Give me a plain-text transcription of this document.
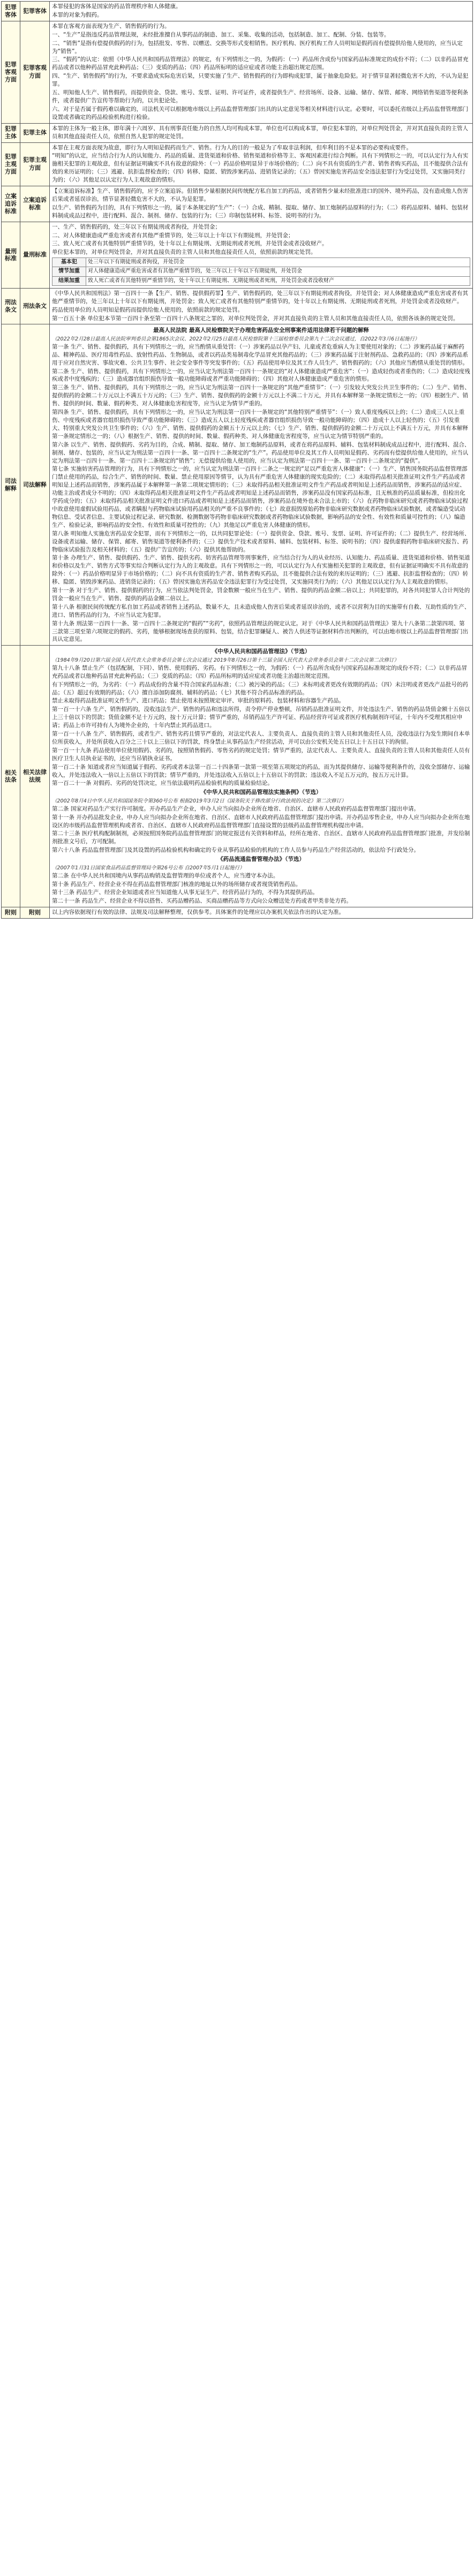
犯罪客体	犯罪客体	

本罪侵犯的客体是国家的药品管理秩序和人体健康。

本罪的对象为假药。

犯罪客观方面	犯罪客观方面	

本罪在客观方面表现为生产、销售假药的行为。

一、“生产”是指违反药品管理法规，未经批准擅自从事药品的制造、加工、采集、收集的活动，包括制造、加工、配制、分装、包装等。

二、“销售”是指有偿提供假药的行为，包括批发、零售、以赠送、交换等形式变相销售。医疗机构、医疗机构工作人员明知是假药而有偿提供给他人使用的，应当认定为“销售”。

三、“假药”的认定：依照《中华人民共和国药品管理法》的规定，有下列情形之一的，为假药：（一）药品所含成份与国家药品标准规定的成份不符；（二）以非药品冒充药品或者以他种药品冒充此种药品；（三）变质的药品；（四）药品所标明的适应症或者功能主治超出规定范围。

四、“生产、销售假药”的行为，不要求造成实际危害后果，只要实施了生产、销售假药的行为即构成犯罪，属于抽象危险犯。对于情节显著轻微危害不大的，不认为是犯罪。

五、明知他人生产、销售假药，而提供资金、贷款、账号、发票、证明、许可证件，或者提供生产、经营场所、设备、运输、储存、保管、邮寄、网络销售渠道等便利条件，或者提供广告宣传等帮助行为的，以共犯论处。

六、对于是否属于假药难以确定的，司法机关可以根据地市级以上药品监督管理部门出具的认定意见等相关材料进行认定。必要时，可以委托省级以上药品监督管理部门设置或者确定的药品检验机构进行检验。

犯罪主体	犯罪主体	

本罪的主体为一般主体，即年满十六周岁、具有刑事责任能力的自然人均可构成本罪。单位也可以构成本罪，单位犯本罪的，对单位判处罚金，并对其直接负责的主管人员和其他直接责任人员，依照自然人犯罪的规定处罚。

犯罪主观方面	犯罪主观方面	

本罪在主观方面表现为故意，即行为人明知是假药而生产、销售。行为人的目的一般是为了牟取非法利润，但牟利目的不是本罪的必要构成要件。

“明知”的认定，应当结合行为人的认知能力、药品的质量、进货渠道和价格、销售渠道和价格等主、客观因素进行综合判断。具有下列情形之一的，可以认定行为人有实施相关犯罪的主观故意，但有证据证明确实不具有故意的除外：（一）药品价格明显异于市场价格的；（二）向不具有资质的生产者、销售者购买药品，且不能提供合法有效的来历证明的；（三）逃避、抗拒监督检查的；（四）转移、隐匿、销毁涉案药品、进销货记录的；（五）曾因实施危害药品安全违法犯罪行为受过处罚，又实施同类行为的；（六）其他足以认定行为人主观故意的情形。

立案追诉标准	立案追诉标准	

【立案追诉标准】生产、销售假药的，应予立案追诉。但销售少量根据民间传统配方私自加工的药品，或者销售少量未经批准进口的国外、境外药品，没有造成他人伤害后果或者延误诊治，情节显著轻微危害不大的，不认为是犯罪。

以生产、销售假药为目的，具有下列情形之一的，属于本条规定的“生产”：（一）合成、精制、提取、储存、加工炮制药品原料的行为；（二）将药品原料、辅料、包装材料制成成品过程中，进行配料、混合、制剂、储存、包装的行为；（三）印制包装材料、标签、说明书的行为。

量刑标准	量刑标准	

一、生产、销售假药的，处三年以下有期徒刑或者拘役，并处罚金；

二、对人体健康造成严重危害或者有其他严重情节的，处三年以上十年以下有期徒刑，并处罚金；

三、致人死亡或者有其他特别严重情节的，处十年以上有期徒刑、无期徒刑或者死刑，并处罚金或者没收财产。

单位犯本罪的，对单位判处罚金，并对其直接负责的主管人员和其他直接责任人员，依照前款的规定处罚。

基本犯	处三年以下有期徒刑或者拘役，并处罚金
情节加重	对人体健康造成严重危害或者有其他严重情节的，处三年以上十年以下有期徒刑，并处罚金
结果加重	致人死亡或者有其他特别严重情节的，处十年以上有期徒刑、无期徒刑或者死刑，并处罚金或者没收财产

刑法条文	刑法条文	

《中华人民共和国刑法》第一百四十一条【生产、销售、提供假药罪】生产、销售假药的，处三年以下有期徒刑或者拘役，并处罚金；对人体健康造成严重危害或者有其他严重情节的，处三年以上十年以下有期徒刑，并处罚金；致人死亡或者有其他特别严重情节的，处十年以上有期徒刑、无期徒刑或者死刑，并处罚金或者没收财产。

药品使用单位的人员明知是假药而提供给他人使用的，依照前款的规定处罚。

第一百五十条 单位犯本节第一百四十条至第一百四十八条规定之罪的，对单位判处罚金，并对其直接负责的主管人员和其他直接责任人员，依照各该条的规定处罚。

司法解释	司法解释	
最高人民法院 最高人民检察院关于办理危害药品安全刑事案件适用法律若干问题的解释
（2022年2月28日最高人民法院审判委员会第1865次会议、2022年2月25日最高人民检察院第十三届检察委员会第九十二次会议通过，自2022年3月6日起施行）

第一条 生产、销售、提供假药，具有下列情形之一的，应当酌情从重处罚：（一）涉案药品以孕产妇、儿童或者危重病人为主要使用对象的；（二）涉案药品属于麻醉药品、精神药品、医疗用毒性药品、放射性药品、生物制品，或者以药品类易制毒化学品冒充其他药品的；（三）涉案药品属于注射剂药品、急救药品的；（四）涉案药品系用于应对自然灾害、事故灾难、公共卫生事件、社会安全事件等突发事件的；（五）药品使用单位及其工作人员生产、销售假药的；（六）其他应当酌情从重处罚的情形。

第二条 生产、销售、提供假药，具有下列情形之一的，应当认定为刑法第一百四十一条规定的“对人体健康造成严重危害”：（一）造成轻伤或者重伤的；（二）造成轻度残疾或者中度残疾的；（三）造成器官组织损伤导致一般功能障碍或者严重功能障碍的；（四）其他对人体健康造成严重危害的情形。

第三条 生产、销售、提供假药，具有下列情形之一的，应当认定为刑法第一百四十一条规定的“其他严重情节”：（一）引发较大突发公共卫生事件的；（二）生产、销售、提供假药的金额二十万元以上不满五十万元的；（三）生产、销售、提供假药的金额十万元以上不满二十万元，并具有本解释第一条规定情形之一的；（四）根据生产、销售、提供的时间、数量、假药种类、对人体健康危害程度等，应当认定为情节严重的。

第四条 生产、销售、提供假药，具有下列情形之一的，应当认定为刑法第一百四十一条规定的“其他特别严重情节”：（一）致人重度残疾以上的；（二）造成三人以上重伤、中度残疾或者器官组织损伤导致严重功能障碍的；（三）造成五人以上轻度残疾或者器官组织损伤导致一般功能障碍的；（四）造成十人以上轻伤的；（五）引发重大、特别重大突发公共卫生事件的；（六）生产、销售、提供假药的金额五十万元以上的；（七）生产、销售、提供假药的金额二十万元以上不满五十万元，并具有本解释第一条规定情形之一的；（八）根据生产、销售、提供的时间、数量、假药种类、对人体健康危害程度等，应当认定为情节特别严重的。

第六条 以生产、销售、提供假药、劣药为目的，合成、精制、提取、储存、加工炮制药品原料，或者在将药品原料、辅料、包装材料制成成品过程中，进行配料、混合、制剂、储存、包装的，应当认定为刑法第一百四十一条、第一百四十二条规定的“生产”。药品使用单位及其工作人员明知是假药、劣药而有偿提供给他人使用的，应当认定为刑法第一百四十一条、第一百四十二条规定的“销售”；无偿提供给他人使用的，应当认定为刑法第一百四十一条、第一百四十二条规定的“提供”。

第七条 实施妨害药品管理的行为，具有下列情形之一的，应当认定为刑法第一百四十二条之一规定的“足以严重危害人体健康”：（一）生产、销售国务院药品监督管理部门禁止使用的药品，综合生产、销售的时间、数量、禁止使用原因等情节，认为具有严重危害人体健康的现实危险的；（二）未取得药品相关批准证明文件生产药品或者明知是上述药品而销售，涉案药品属于本解释第一条第二项规定情形的；（三）未取得药品相关批准证明文件生产药品或者明知是上述药品而销售，涉案药品的适应症、功能主治或者成分不明的；（四）未取得药品相关批准证明文件生产药品或者明知是上述药品而销售，涉案药品没有国家药品标准，且无核准的药品质量标准，但检出化学药成分的；（五）未取得药品相关批准证明文件进口药品或者明知是上述药品而销售，涉案药品在境外也未合法上市的；（六）在药物非临床研究或者药物临床试验过程中故意使用虚假试验用药品，或者瞒报与药物临床试验用药品相关的严重不良事件的；（七）故意损毁原始药物非临床研究数据或者药物临床试验数据，或者编造受试动物信息、受试者信息、主要试验过程记录、研究数据、检测数据等药物非临床研究数据或者药物临床试验数据，影响药品的安全性、有效性和质量可控性的；（八）编造生产、检验记录，影响药品的安全性、有效性和质量可控性的；（九）其他足以严重危害人体健康的情形。

第八条 明知他人实施危害药品安全犯罪，而有下列情形之一的，以共同犯罪论处：（一）提供资金、贷款、账号、发票、证明、许可证件的；（二）提供生产、经营场所、设备或者运输、储存、保管、邮寄、销售渠道等便利条件的；（三）提供生产技术或者原料、辅料、包装材料、标签、说明书的；（四）提供虚假药物非临床研究报告、药物临床试验报告及相关材料的；（五）提供广告宣传的；（六）提供其他帮助的。

第十条 办理生产、销售、提供假药、生产、销售、提供劣药、妨害药品管理等刑事案件，应当结合行为人的从业经历、认知能力、药品质量、进货渠道和价格、销售渠道和价格以及生产、销售方式等事实综合判断认定行为人的主观故意。具有下列情形之一的，可以认定行为人有实施相关犯罪的主观故意，但有证据证明确实不具有故意的除外：（一）药品价格明显异于市场价格的；（二）向不具有资质的生产者、销售者购买药品，且不能提供合法有效的来历证明的；（三）逃避、抗拒监督检查的；（四）转移、隐匿、销毁涉案药品、进销货记录的；（五）曾因实施危害药品安全违法犯罪行为受过处罚，又实施同类行为的；（六）其他足以认定行为人主观故意的情形。

第十一条 对于生产、销售、提供假药的行为，应当依法判处罚金，罚金数额一般应当在生产、销售、提供的药品金额二倍以上；共同犯罪的，对各共同犯罪人合计判处的罚金一般应当在生产、销售、提供的药品金额二倍以上。

第十八条 根据民间传统配方私自加工药品或者销售上述药品，数量不大，且未造成他人伤害后果或者延误诊治的，或者不以营利为目的实施带有自救、互助性质的生产、进口、销售药品的行为，不应当认定为犯罪。

第十九条 刑法第一百四十一条、第一百四十二条规定的“假药”“劣药”，依照药品管理法的规定认定。对于《中华人民共和国药品管理法》第九十八条第二款第四项、第三款第三项至第六项规定的假药、劣药，能够根据现场查获的原料、包装，结合犯罪嫌疑人、被告人供述等证据材料作出判断的，可以由地市级以上药品监督管理部门出具认定意见。

相关法条	相关法律法规	
《中华人民共和国药品管理法》（节选）
（1984年9月20日第六届全国人民代表大会常务委员会第七次会议通过 2019年8月26日第十三届全国人民代表大会常务委员会第十二次会议第二次修订）

第九十八条 禁止生产（包括配制，下同）、销售、使用假药、劣药。有下列情形之一的，为假药：（一）药品所含成份与国家药品标准规定的成份不符；（二）以非药品冒充药品或者以他种药品冒充此种药品；（三）变质的药品；（四）药品所标明的适应症或者功能主治超出规定范围。

有下列情形之一的，为劣药：（一）药品成份的含量不符合国家药品标准；（二）被污染的药品；（三）未标明或者更改有效期的药品；（四）未注明或者更改产品批号的药品；（五）超过有效期的药品；（六）擅自添加防腐剂、辅料的药品；（七）其他不符合药品标准的药品。

禁止未取得药品批准证明文件生产、进口药品；禁止使用未按照规定审评、审批的原料药、包装材料和容器生产药品。

第一百一十六条 生产、销售假药的，没收违法生产、销售的药品和违法所得，责令停产停业整顿，吊销药品批准证明文件，并处违法生产、销售的药品货值金额十五倍以上三十倍以下的罚款；货值金额不足十万元的，按十万元计算；情节严重的，吊销药品生产许可证、药品经营许可证或者医疗机构制剂许可证，十年内不受理其相应申请；药品上市许可持有人为境外企业的，十年内禁止其药品进口。

第一百一十八条 生产、销售假药，或者生产、销售劣药且情节严重的，对法定代表人、主要负责人、直接负责的主管人员和其他责任人员，没收违法行为发生期间自本单位所获收入，并处所获收入百分之三十以上三倍以下的罚款，终身禁止从事药品生产经营活动，并可以由公安机关处五日以上十五日以下的拘留。

第一百一十九条 药品使用单位使用假药、劣药的，按照销售假药、零售劣药的规定处罚；情节严重的，法定代表人、主要负责人、直接负责的主管人员和其他责任人员有医疗卫生人员执业证书的，还应当吊销执业证书。

第一百二十条 知道或者应当知道属于假药、劣药或者本法第一百二十四条第一款第一项至第五项规定的药品，而为其提供储存、运输等便利条件的，没收全部储存、运输收入，并处违法收入一倍以上五倍以下的罚款；情节严重的，并处违法收入五倍以上十五倍以下的罚款；违法收入不足五万元的，按五万元计算。

第一百二十一条 对假药、劣药的处罚决定，应当依法载明药品检验机构的质量检验结论。

《中华人民共和国药品管理法实施条例》（节选）
（2002年8月4日中华人民共和国国务院令第360号公布 根据2019年3月2日《国务院关于修改部分行政法规的决定》第二次修订）

第二条 国家对药品生产实行许可制度。开办药品生产企业，申办人应当向拟办企业所在地省、自治区、直辖市人民政府药品监督管理部门提出申请。

第十一条 开办药品批发企业，申办人应当向拟办企业所在地省、自治区、直辖市人民政府药品监督管理部门提出申请。开办药品零售企业，申办人应当向拟办企业所在地设区的市级药品监督管理机构或者省、自治区、直辖市人民政府药品监督管理部门直接设置的县级药品监督管理机构提出申请。

第二十三条 医疗机构配制制剂，必须按照国务院药品监督管理部门的规定报送有关资料和样品，经所在地省、自治区、直辖市人民政府药品监督管理部门批准，并发给制剂批准文号后，方可配制。

第六十八条 药品监督管理部门及其设置的药品检验机构和确定的专业从事药品检验的机构的工作人员参与药品生产经营活动的，依法给予行政处分。

《药品流通监督管理办法》（节选）
（2007年1月31日国家食品药品监督管理局令第26号公布 自2007年5月1日起施行）

第二条 在中华人民共和国境内从事药品购销及监督管理的单位或者个人，应当遵守本办法。

第十条 药品生产、经营企业不得在药品监督管理部门核准的地址以外的场所储存或者现货销售药品。

第十三条 药品生产、经营企业知道或者应当知道他人从事无证生产、经营药品行为的，不得为其提供药品。

第二十一条 药品生产、经营企业不得以搭售、买药品赠药品、买商品赠药品等方式向公众赠送处方药或者甲类非处方药。

附则	附则	以上内容依据现行有效的法律、法规及司法解释整理，仅供参考。具体案件的处理应以办案机关依法作出的认定为准。
